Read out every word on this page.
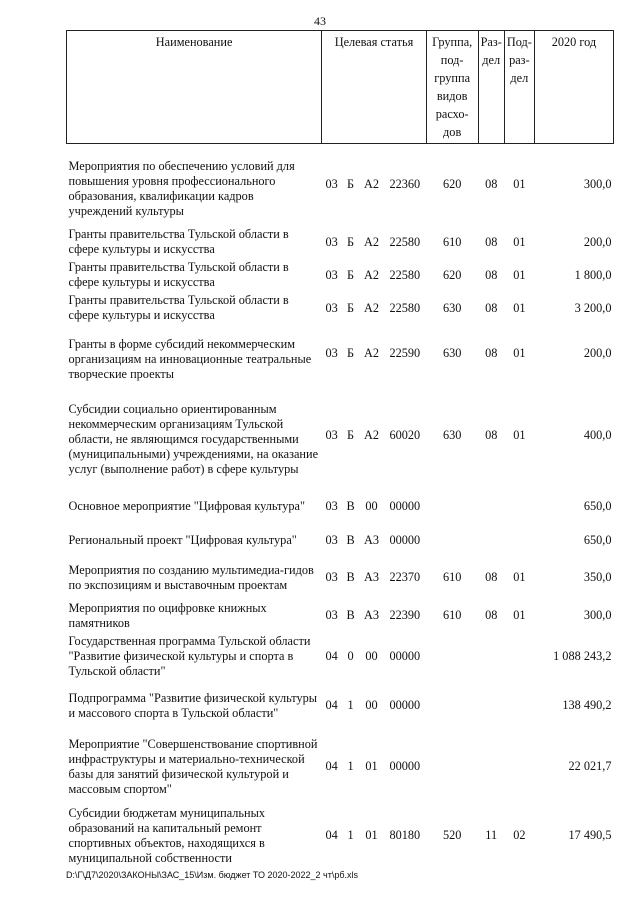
43
Наименование	Целевая статья				Группа, под-группа видов расхо-дов	Раз-дел	Под-раз-дел	2020 год
Мероприятия по обеспечению условий для повышения уровня профессионального образования, квалификации кадров учреждений культуры	03	Б	А2	22360	620	08	01	300,0
Гранты правительства Тульской области в сфере культуры и искусства	03	Б	А2	22580	610	08	01	200,0
Гранты правительства Тульской области в сфере культуры и искусства	03	Б	А2	22580	620	08	01	1 800,0
Гранты правительства Тульской области в сфере культуры и искусства	03	Б	А2	22580	630	08	01	3 200,0
Гранты в форме субсидий некоммерческим организациям на инновационные театральные творческие проекты	03	Б	А2	22590	630	08	01	200,0
Субсидии социально ориентированным некоммерческим организациям Тульской области, не являющимся государственными (муниципальными) учреждениями, на оказание услуг (выполнение работ) в сфере культуры	03	Б	А2	60020	630	08	01	400,0
Основное мероприятие "Цифровая культура"	03	В	00	00000				650,0
Региональный проект "Цифровая культура"	03	В	А3	00000				650,0
Мероприятия по созданию мультимедиа-гидов по экспозициям и выставочным проектам	03	В	А3	22370	610	08	01	350,0
Мероприятия по оцифровке книжных памятников	03	В	А3	22390	610	08	01	300,0
Государственная программа Тульской области "Развитие физической культуры и спорта в Тульской области"	04	0	00	00000				1 088 243,2
Подпрограмма "Развитие физической культуры и массового спорта в Тульской области"	04	1	00	00000				138 490,2
Мероприятие "Совершенствование спортивной инфраструктуры и материально-технической базы для занятий физической культурой и массовым спортом"	04	1	01	00000				22 021,7
Субсидии бюджетам муниципальных образований на капитальный ремонт спортивных объектов, находящихся в муниципальной собственности	04	1	01	80180	520	11	02	17 490,5
D:\Г\Д7\2020\ЗАКОНЫ\ЗАС_15\Изм. бюджет ТО 2020-2022_2 чт\рб.xls
